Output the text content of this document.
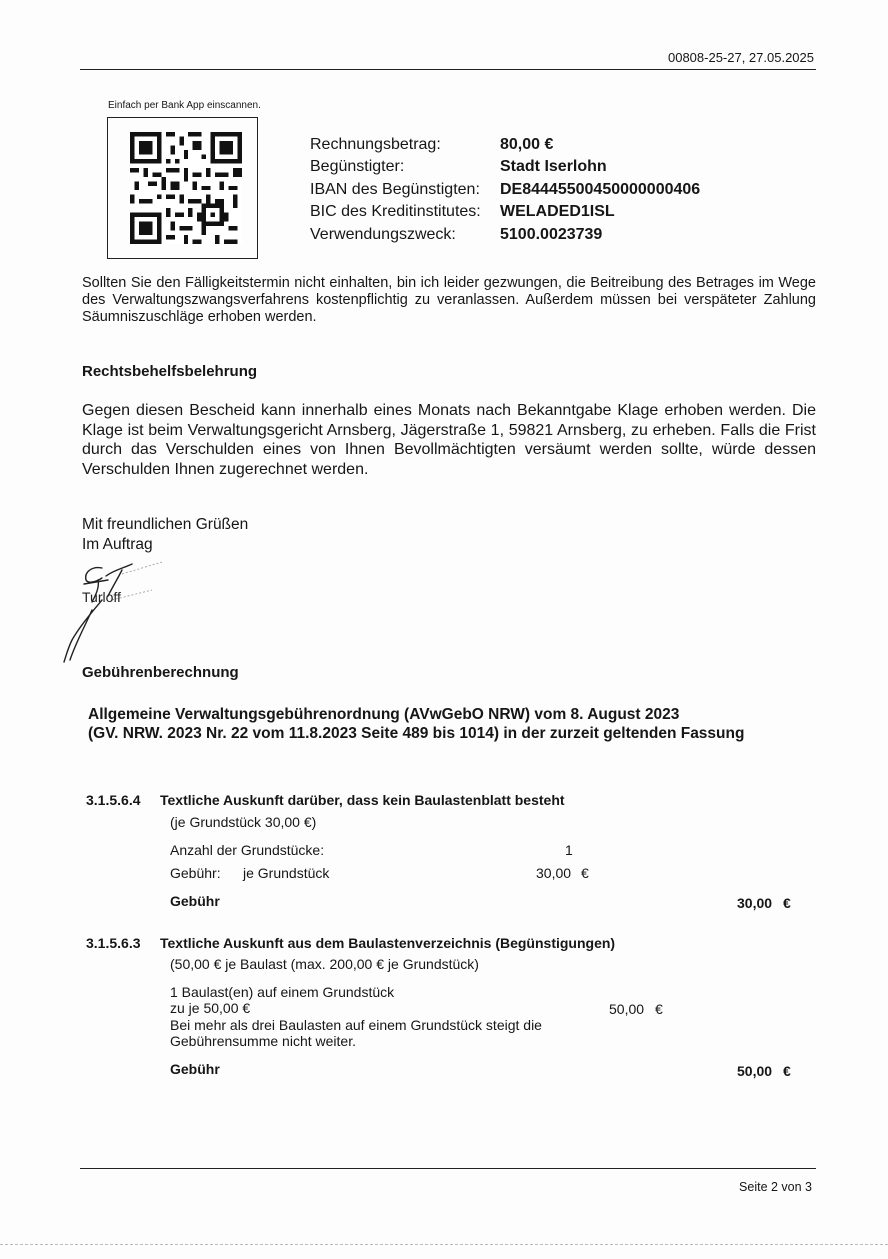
00808-25-27, 27.05.2025
Einfach per Bank App einscannen.
Rechnungsbetrag:	80,00 €
Begünstigter:	Stadt Iserlohn
IBAN des Begünstigten: DE84445500450000000406
BIC des Kreditinstitutes: WELADED1ISL
Verwendungszweck:	5100.0023739
Sollten Sie den Fälligkeitstermin nicht einhalten, bin ich leider gezwungen, die Beitreibung des Betrages im Wege des Verwaltungszwangsverfahrens kostenpflichtig zu veranlassen. Außerdem müssen bei verspäteter Zahlung Säumniszuschläge erhoben werden.
Rechtsbehelfsbelehrung
Gegen diesen Bescheid kann innerhalb eines Monats nach Bekanntgabe Klage erhoben werden. Die Klage ist beim Verwaltungsgericht Arnsberg, Jägerstraße 1, 59821 Arnsberg, zu erheben. Falls die Frist durch das Verschulden eines von Ihnen Bevollmächtigten versäumt werden sollte, würde dessen Verschulden Ihnen zugerechnet werden.
Mit freundlichen Grüßen
Im Auftrag
Turloff
Gebührenberechnung
Allgemeine Verwaltungsgebührenordnung (AVwGebO NRW) vom 8. August 2023
(GV. NRW. 2023 Nr. 22 vom 11.8.2023 Seite 489 bis 1014) in der zurzeit geltenden Fassung
3.1.5.6.4 Textliche Auskunft darüber, dass kein Baulastenblatt besteht
(je Grundstück 30,00 €)
Anzahl der Grundstücke:	1
Gebühr: je Grundstück	30,00 €
Gebühr	30,00 €
3.1.5.6.3 Textliche Auskunft aus dem Baulastenverzeichnis (Begünstigungen)
(50,00 € je Baulast (max. 200,00 € je Grundstück)
1 Baulast(en) auf einem Grundstück
zu je 50,00 €	50,00 €
Bei mehr als drei Baulasten auf einem Grundstück steigt die
Gebührensumme nicht weiter.
Gebühr	50,00 €
Seite 2 von 3
